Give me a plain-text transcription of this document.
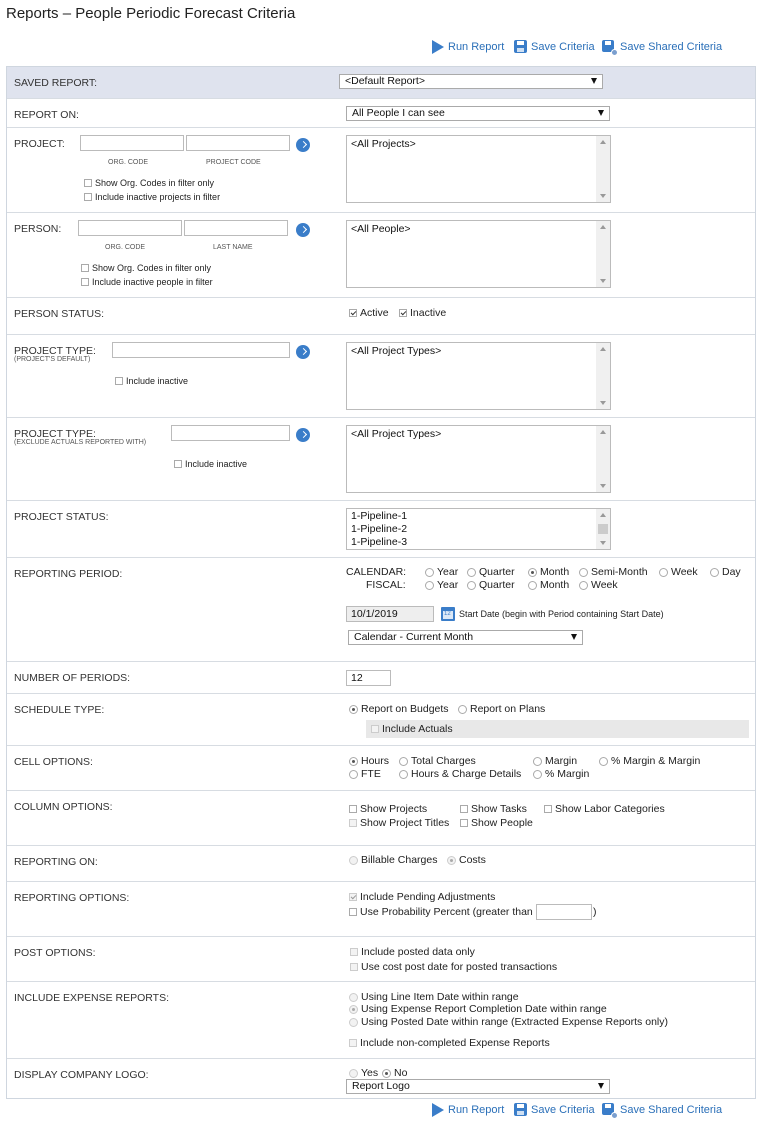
Reports – People Periodic Forecast Criteria
Run Report Save Criteria Save Shared Criteria
SAVED REPORT:	<Default Report>
REPORT ON:	All People I can see
PROJECT:
ORG. CODE	PROJECT CODE
Show Org. Codes in filter only
Include inactive projects in filter
<All Projects>
PERSON:
ORG. CODE	LAST NAME
Show Org. Codes in filter only
Include inactive people in filter
<All People>
PERSON STATUS:	Active Inactive
PROJECT TYPE:
(PROJECT'S DEFAULT)
Include inactive
<All Project Types>
PROJECT TYPE:
(EXCLUDE ACTUALS REPORTED WITH)
Include inactive
<All Project Types>
PROJECT STATUS:	1-Pipeline-1
1-Pipeline-2
1-Pipeline-3
REPORTING PERIOD:	CALENDAR:
FISCAL:
Year Quarter Month Semi-Month Week Day
Year Quarter Month Week
10/1/2019
12	Start Date (begin with Period containing Start Date)
Calendar - Current Month
NUMBER OF PERIODS:	12
SCHEDULE TYPE:	Report on Budgets Report on Plans
Include Actuals
CELL OPTIONS:	Hours Total Charges	Margin	% Margin & Margin
FTE	Hours & Charge Details % Margin
COLUMN OPTIONS:	Show Projects	Show Tasks	Show Labor Categories
Show Project Titles Show People
REPORTING ON:	Billable Charges Costs
REPORTING OPTIONS:	Include Pending Adjustments
Use Probability Percent (greater than	)
POST OPTIONS:	Include posted data only
Use cost post date for posted transactions
INCLUDE EXPENSE REPORTS:	Using Line Item Date within range
Using Expense Report Completion Date within range
Using Posted Date within range (Extracted Expense Reports only)
Include non-completed Expense Reports
DISPLAY COMPANY LOGO:	Yes No
Report Logo
Run Report Save Criteria Save Shared Criteria
